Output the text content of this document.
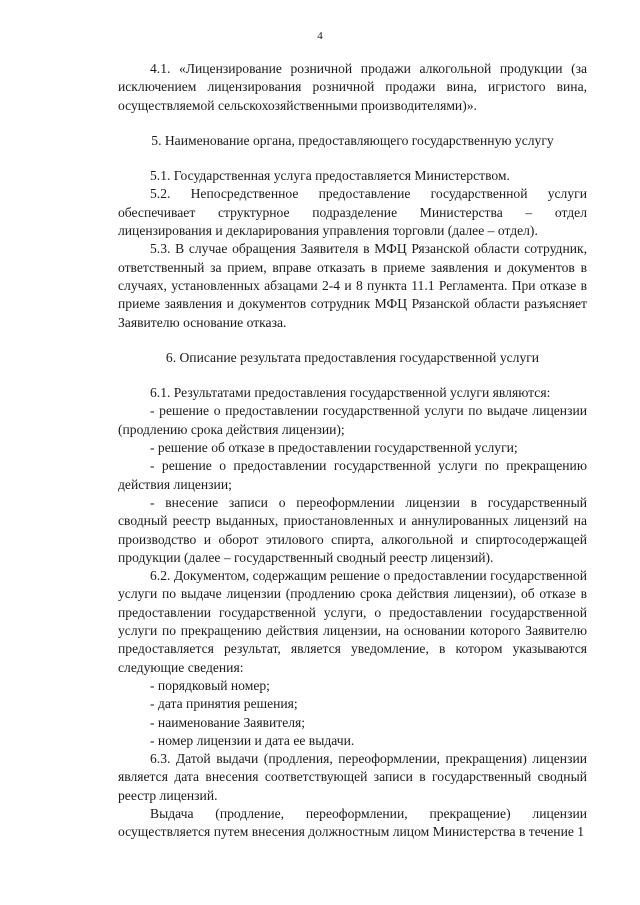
4

4.1. «Лицензирование розничной продажи алкогольной продукции (за исключением лицензирования розничной продажи вина, игристого вина, осуществляемой сельскохозяйственными производителями)».

5. Наименование органа, предоставляющего государственную услугу

5.1. Государственная услуга предоставляется Министерством.

5.2. Непосредственное предоставление государственной услуги обеспечивает структурное подразделение Министерства – отдел лицензирования и декларирования управления торговли (далее – отдел).

5.3. В случае обращения Заявителя в МФЦ Рязанской области сотрудник, ответственный за прием, вправе отказать в приеме заявления и документов в случаях, установленных абзацами 2-4 и 8 пункта 11.1 Регламента. При отказе в приеме заявления и документов сотрудник МФЦ Рязанской области разъясняет Заявителю основание отказа.

6. Описание результата предоставления государственной услуги

6.1. Результатами предоставления государственной услуги являются:

- решение о предоставлении государственной услуги по выдаче лицензии (продлению срока действия лицензии);

- решение об отказе в предоставлении государственной услуги;

- решение о предоставлении государственной услуги по прекращению действия лицензии;

- внесение записи о переоформлении лицензии в государственный сводный реестр выданных, приостановленных и аннулированных лицензий на производство и оборот этилового спирта, алкогольной и спиртосодержащей продукции (далее – государственный сводный реестр лицензий).

6.2. Документом, содержащим решение о предоставлении государственной услуги по выдаче лицензии (продлению срока действия лицензии), об отказе в предоставлении государственной услуги, о предоставлении государственной услуги по прекращению действия лицензии, на основании которого Заявителю предоставляется результат, является уведомление, в котором указываются следующие сведения:

- порядковый номер;

- дата принятия решения;

- наименование Заявителя;

- номер лицензии и дата ее выдачи.

6.3. Датой выдачи (продления, переоформлении, прекращения) лицензии является дата внесения соответствующей записи в государственный сводный реестр лицензий.

Выдача (продление, переоформлении, прекращение) лицензии осуществляется путем внесения должностным лицом Министерства в течение 1
